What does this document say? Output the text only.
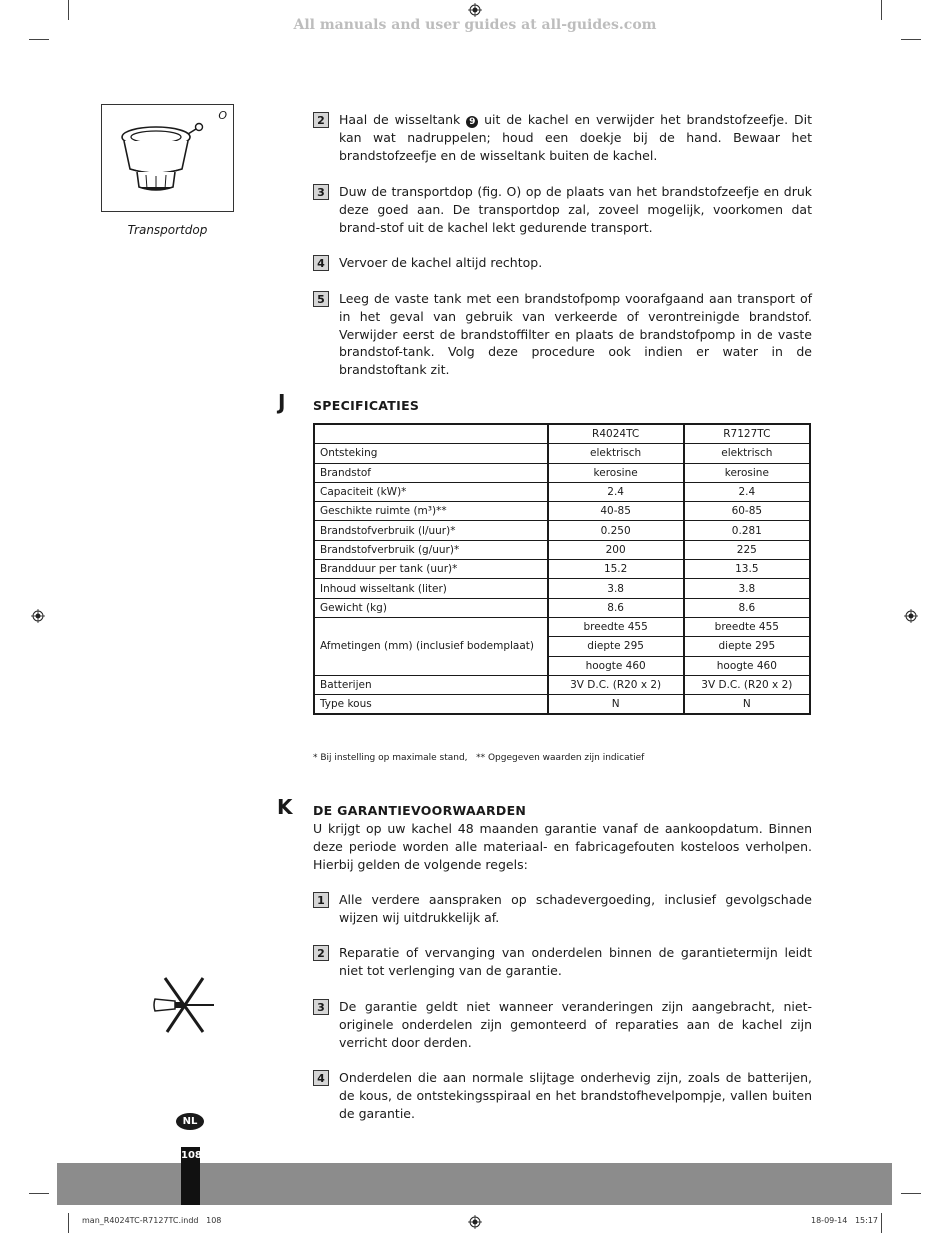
All manuals and user guides at all-guides.com
O
Transportdop
2	Haal de wisseltank 9 uit de kachel en verwijder het brandstofzeefje. Dit kan wat nadruppelen; houd een doekje bij de hand. Bewaar het brandstofzeefje en de wisseltank buiten de kachel.
3	Duw de transportdop (fig. O) op de plaats van het brandstofzeefje en druk deze goed aan. De transportdop zal, zoveel mogelijk, voorkomen dat brand-stof uit de kachel lekt gedurende transport.
4	Vervoer de kachel altijd rechtop.
5	Leeg de vaste tank met een brandstofpomp voorafgaand aan transport of in het geval van gebruik van verkeerde of verontreinigde brandstof. Verwijder eerst de brandstoffilter en plaats de brandstofpomp in de vaste brandstof-tank. Volg deze procedure ook indien er water in de brandstoftank zit.
J SPECIFICATIES
	R4024TC	R7127TC
Ontsteking	elektrisch	elektrisch
Brandstof	kerosine	kerosine
Capaciteit (kW)*	2.4	2.4
Geschikte ruimte (m³)**	40-85	60-85
Brandstofverbruik (l/uur)*	0.250	0.281
Brandstofverbruik (g/uur)*	200	225
Brandduur per tank (uur)*	15.2	13.5
Inhoud wisseltank (liter)	3.8	3.8
Gewicht (kg)	8.6	8.6
Afmetingen (mm) (inclusief bodemplaat)	breedte 455	breedte 455
	diepte 295	diepte 295
	hoogte 460	hoogte 460
Batterijen	3V D.C. (R20 x 2)	3V D.C. (R20 x 2)
Type kous	N	N
* Bij instelling op maximale stand,   ** Opgegeven waarden zijn indicatief
K DE GARANTIEVOORWAARDEN
U krijgt op uw kachel 48 maanden garantie vanaf de aankoopdatum. Binnen deze periode worden alle materiaal- en fabricagefouten kosteloos verholpen. Hierbij gelden de volgende regels:
1	Alle verdere aanspraken op schadevergoeding, inclusief gevolgschade wijzen wij uitdrukkelijk af.
2	Reparatie of vervanging van onderdelen binnen de garantietermijn leidt niet tot verlenging van de garantie.
3	De garantie geldt niet wanneer veranderingen zijn aangebracht, niet-originele onderdelen zijn gemonteerd of reparaties aan de kachel zijn verricht door derden.
4	Onderdelen die aan normale slijtage onderhevig zijn, zoals de batterijen, de kous, de ontstekingsspiraal en het brandstofhevelpompje, vallen buiten de garantie.
NL
108
man_R4024TC-R7127TC.indd   108	18-09-14   15:17
